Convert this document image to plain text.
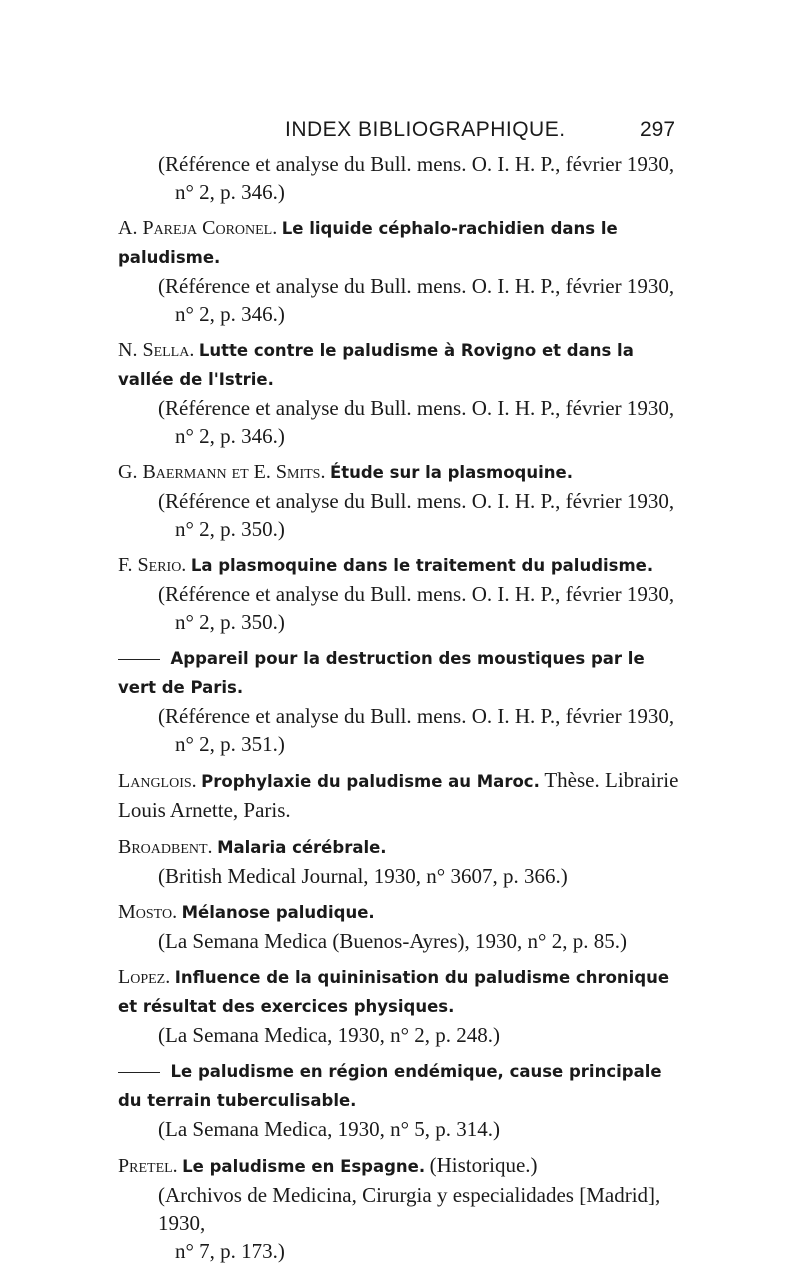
INDEX BIBLIOGRAPHIQUE.	297
(Référence et analyse du Bull. mens. O. I. H. P., février 1930,
n° 2, p. 346.)
A. Pareja Coronel. Le liquide céphalo-rachidien dans le paludisme.
(Référence et analyse du Bull. mens. O. I. H. P., février 1930,
n° 2, p. 346.)
N. Sella. Lutte contre le paludisme à Rovigno et dans la vallée de l'Istrie.
(Référence et analyse du Bull. mens. O. I. H. P., février 1930,
n° 2, p. 346.)
G. Baermann et E. Smits. Étude sur la plasmoquine.
(Référence et analyse du Bull. mens. O. I. H. P., février 1930,
n° 2, p. 350.)
F. Serio. La plasmoquine dans le traitement du paludisme.
(Référence et analyse du Bull. mens. O. I. H. P., février 1930,
n° 2, p. 350.)
Appareil pour la destruction des moustiques par le vert de Paris.
(Référence et analyse du Bull. mens. O. I. H. P., février 1930,
n° 2, p. 351.)
Langlois. Prophylaxie du paludisme au Maroc. Thèse. Librairie Louis Arnette, Paris.
Broadbent. Malaria cérébrale.
(British Medical Journal, 1930, n° 3607, p. 366.)
Mosto. Mélanose paludique.
(La Semana Medica (Buenos-Ayres), 1930, n° 2, p. 85.)
Lopez. Influence de la quininisation du paludisme chronique et résultat des exercices physiques.
(La Semana Medica, 1930, n° 2, p. 248.)
Le paludisme en région endémique, cause principale du terrain tuberculisable.
(La Semana Medica, 1930, n° 5, p. 314.)
Pretel. Le paludisme en Espagne. (Historique.)
(Archivos de Medicina, Cirurgia y especialidades [Madrid], 1930,
n° 7, p. 173.)
